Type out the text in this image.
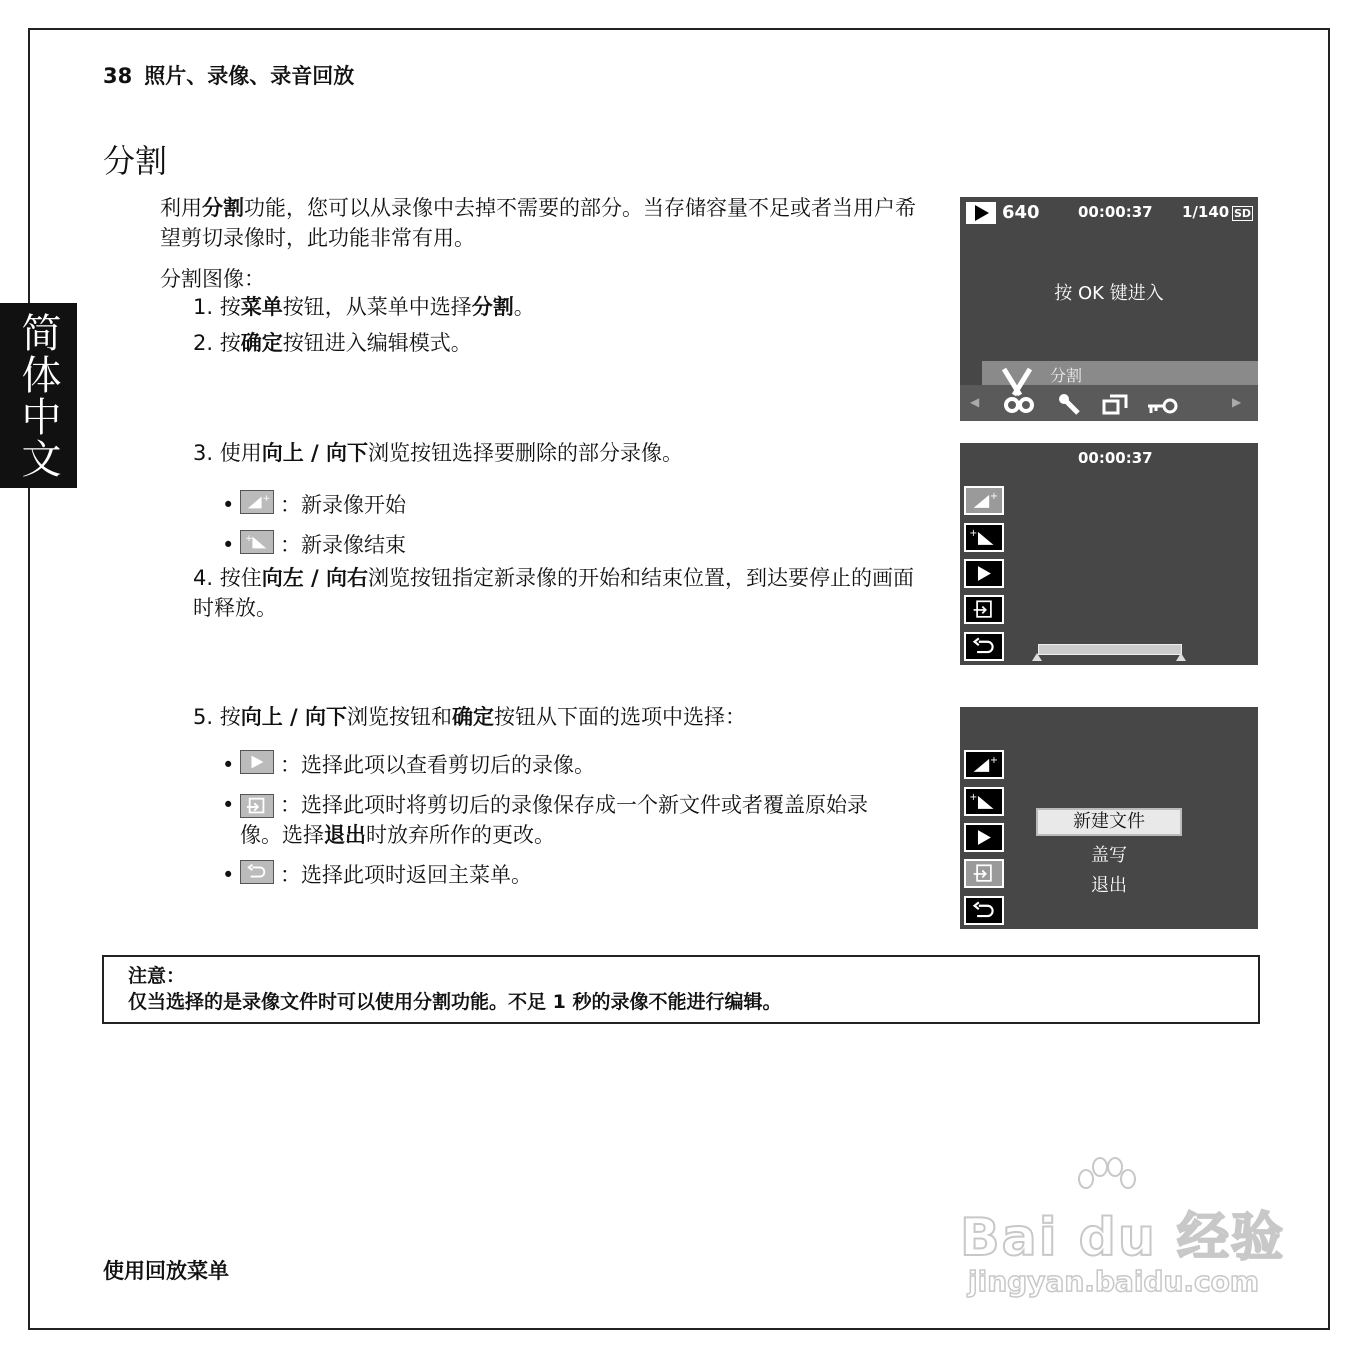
38 照片、录像、录音回放
简体中文
分割
利用分割功能，您可以从录像中去掉不需要的部分。当存储容量不足或者当用户希望剪切录像时，此功能非常有用。
分割图像：
1. 按菜单按钮，从菜单中选择分割。
2. 按确定按钮进入编辑模式。
3. 使用向上 / 向下浏览按钮选择要删除的部分录像。
•	+ ：新录像开始
•	+ ：新录像结束
4. 按住向左 / 向右浏览按钮指定新录像的开始和结束位置，到达要停止的画面时释放。
5. 按向上 / 向下浏览按钮和确定按钮从下面的选项中选择：
• ：选择此项以查看剪切后的录像。
•	：选择此项时将剪切后的录像保存成一个新文件或者覆盖原始录像。选择退出时放弃所作的更改。
• ：选择此项时返回主菜单。
640	00:00:37 1/140 SD
按 OK 键进入
分割
◀	▶
00:00:37
+
+
+
+
新建文件
盖写
退出
注意：
仅当选择的是录像文件时可以使用分割功能。不足 1 秒的录像不能进行编辑。
使用回放菜单
Bai du 经验
jingyan.baidu.com
